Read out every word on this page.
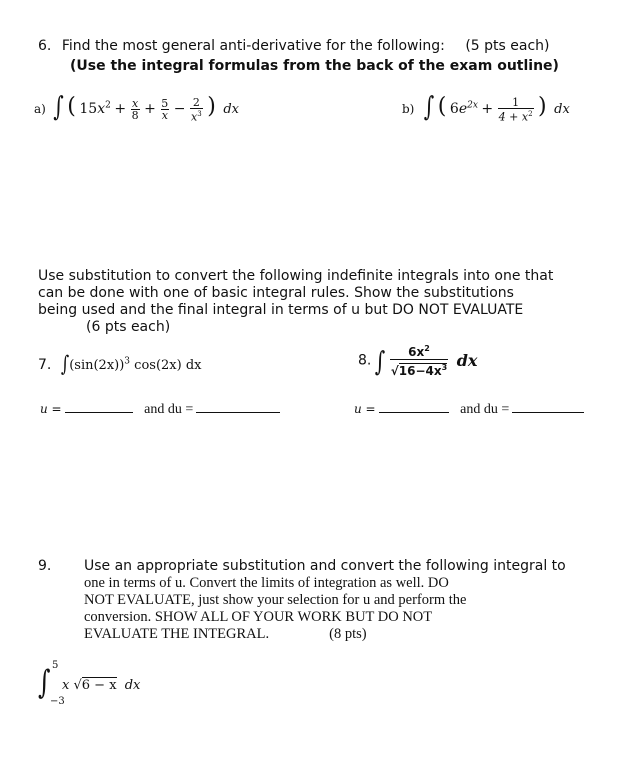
6. Find the most general anti-derivative for the following: (5 pts each)
(Use the integral formulas from the back of the exam outline)
a) ∫ ( $15x^2 + \frac{x}{8} + \frac{5}{x} - \frac{2}{x^3}$ ) dx	b) ∫ ( $6e^{2x} + \frac{1}{4 + x^2}$ ) dx
Use substitution to convert the following indefinite integrals into one that
can be done with one of basic integral rules. Show the substitutions
being used and the final integral in terms of u but DO NOT EVALUATE
(6 pts each)
7. $\int(\sin(2x))^3$ cos(2x) dx	8. ∫ $\frac{6x^2}{√16-4x^3}$ dx
u =	and du =	u =	and du =
9. Use an appropriate substitution and convert the following integral to
one in terms of u. Convert the limits of integration as well. DO
NOT EVALUATE, just show your selection for u and perform the
conversion. SHOW ALL OF YOUR WORK BUT DO NOT
EVALUATE THE INTEGRAL.	(8 pts)
5
∫
−3
x √6 − x dx
